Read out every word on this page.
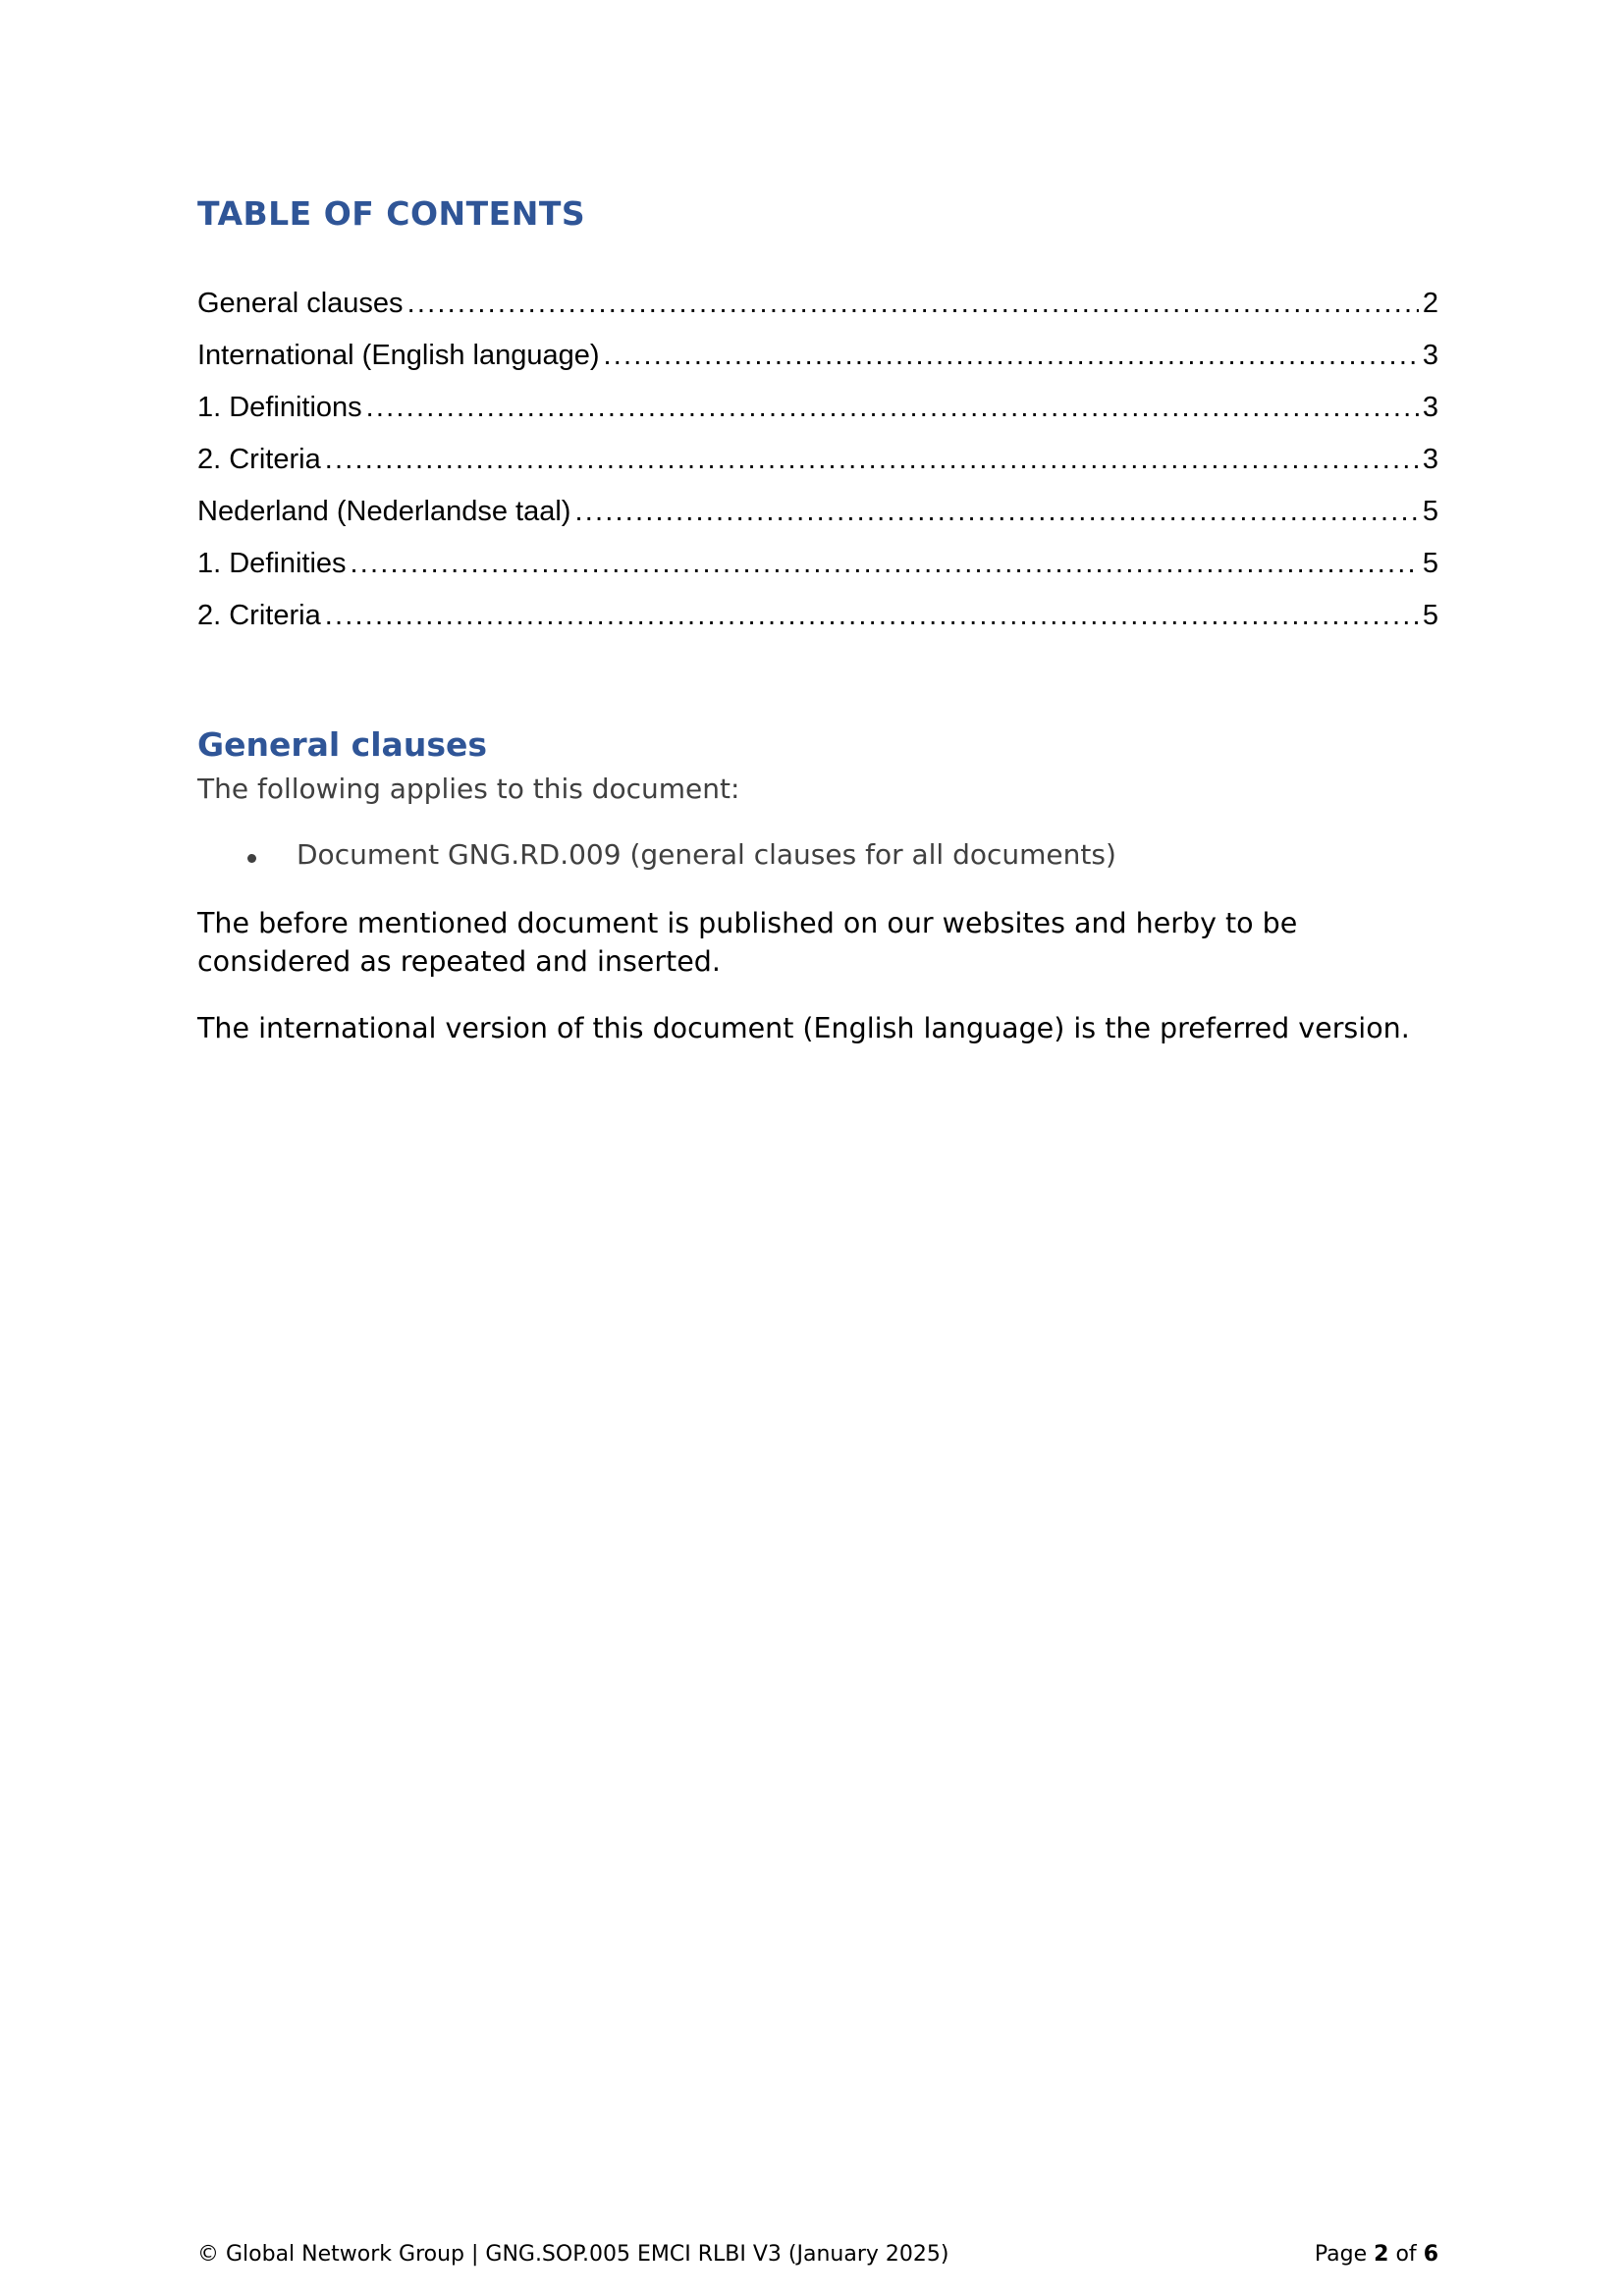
TABLE OF CONTENTS
General clauses .....	2
International (English language) .....	3
1. Definitions .....	3
2. Criteria .....	3
Nederland (Nederlandse taal) .....	5
1. Definities .....	5
2. Criteria .....	5
General clauses

The following applies to this document:

Document GNG.RD.009 (general clauses for all documents)

The before mentioned document is published on our websites and herby to be considered as repeated and inserted.

The international version of this document (English language) is the preferred version.

© Global Network Group | GNG.SOP.005 EMCI RLBI V3 (January 2025)	Page 2 of 6
